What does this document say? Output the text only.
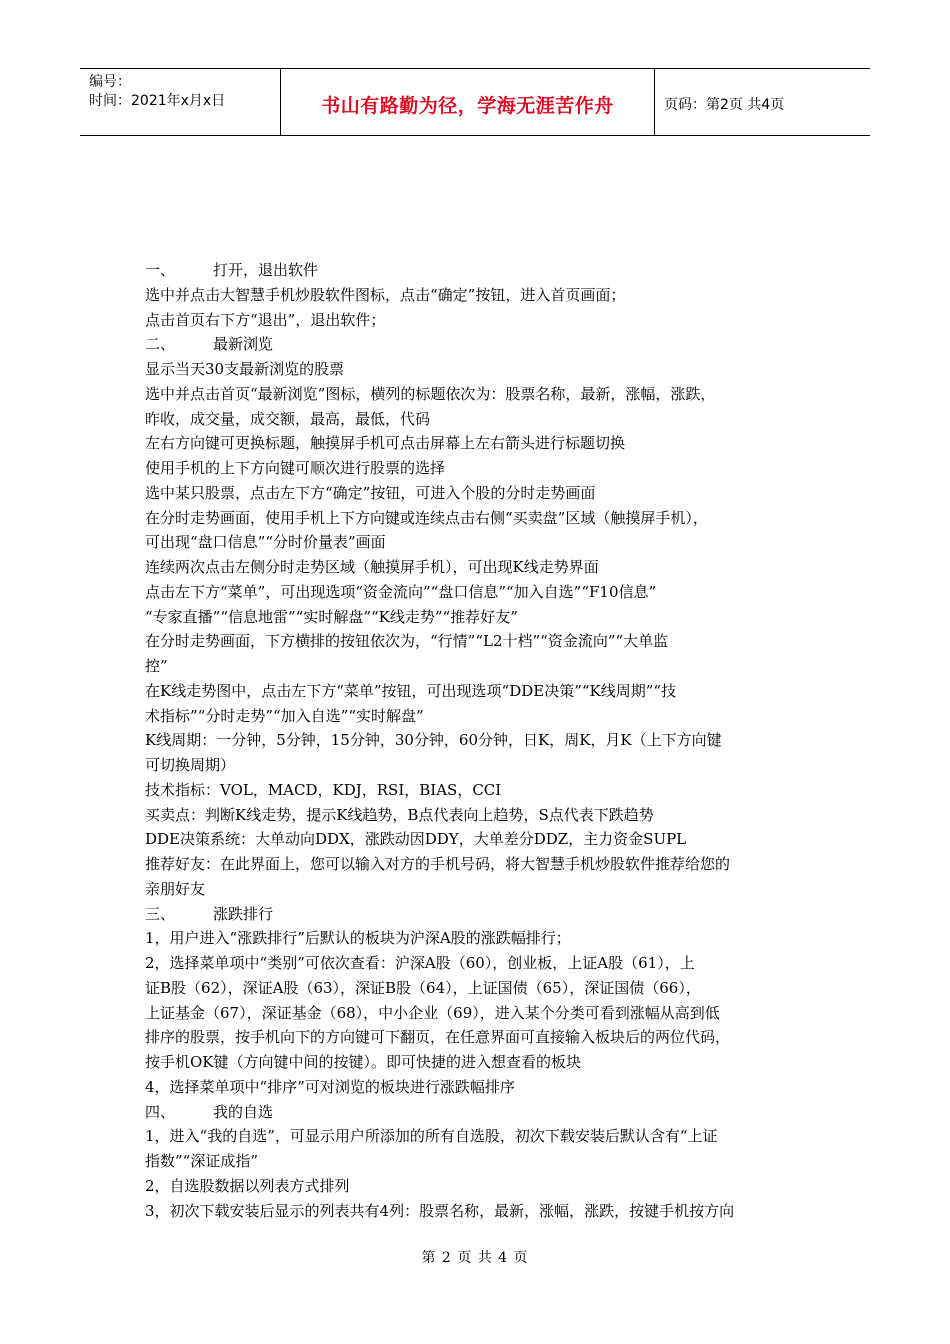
编号：
时间：2021年x月x日	书山有路勤为径，学海无涯苦作舟	页码：第2页 共4页
一、	打开，退出软件
选中并点击大智慧手机炒股软件图标，点击“确定”按钮，进入首页画面；
点击首页右下方“退出”，退出软件；
二、	最新浏览
显示当天30支最新浏览的股票
选中并点击首页“最新浏览”图标，横列的标题依次为：股票名称，最新，涨幅，涨跌，
昨收，成交量，成交额，最高，最低，代码
左右方向键可更换标题，触摸屏手机可点击屏幕上左右箭头进行标题切换
使用手机的上下方向键可顺次进行股票的选择
选中某只股票，点击左下方“确定”按钮，可进入个股的分时走势画面
在分时走势画面，使用手机上下方向键或连续点击右侧“买卖盘”区域（触摸屏手机），
可出现“盘口信息”“分时价量表”画面
连续两次点击左侧分时走势区域（触摸屏手机），可出现K线走势界面
点击左下方“菜单”，可出现选项“资金流向”“盘口信息”“加入自选”“F10信息”
“专家直播”“信息地雷”“实时解盘”“K线走势”“推荐好友”
在分时走势画面，下方横排的按钮依次为，“行情”“L2十档”“资金流向”“大单监
控”
在K线走势图中，点击左下方“菜单”按钮，可出现选项“DDE决策”“K线周期”“技
术指标”“分时走势”“加入自选”“实时解盘”
K线周期：一分钟，5分钟，15分钟，30分钟，60分钟，日K，周K，月K（上下方向键
可切换周期）
技术指标：VOL，MACD，KDJ，RSI，BIAS，CCI
买卖点：判断K线走势，提示K线趋势，B点代表向上趋势，S点代表下跌趋势
DDE决策系统：大单动向DDX，涨跌动因DDY，大单差分DDZ，主力资金SUPL
推荐好友：在此界面上，您可以输入对方的手机号码，将大智慧手机炒股软件推荐给您的
亲朋好友
三、	涨跌排行
1，用户进入“涨跌排行”后默认的板块为沪深A股的涨跌幅排行；
2，选择菜单项中“类别”可依次查看：沪深A股（60），创业板，上证A股（61），上
证B股（62），深证A股（63），深证B股（64），上证国债（65），深证国债（66），
上证基金（67），深证基金（68），中小企业（69），进入某个分类可看到涨幅从高到低
排序的股票，按手机向下的方向键可下翻页，在任意界面可直接输入板块后的两位代码，
按手机OK键（方向键中间的按键）。即可快捷的进入想查看的板块
4，选择菜单项中“排序”可对浏览的板块进行涨跌幅排序
四、	我的自选
1，进入“我的自选”，可显示用户所添加的所有自选股，初次下载安装后默认含有“上证
指数”“深证成指”
2，自选股数据以列表方式排列
3，初次下载安装后显示的列表共有4列：股票名称，最新，涨幅，涨跌，按键手机按方向
第 2 页 共 4 页
